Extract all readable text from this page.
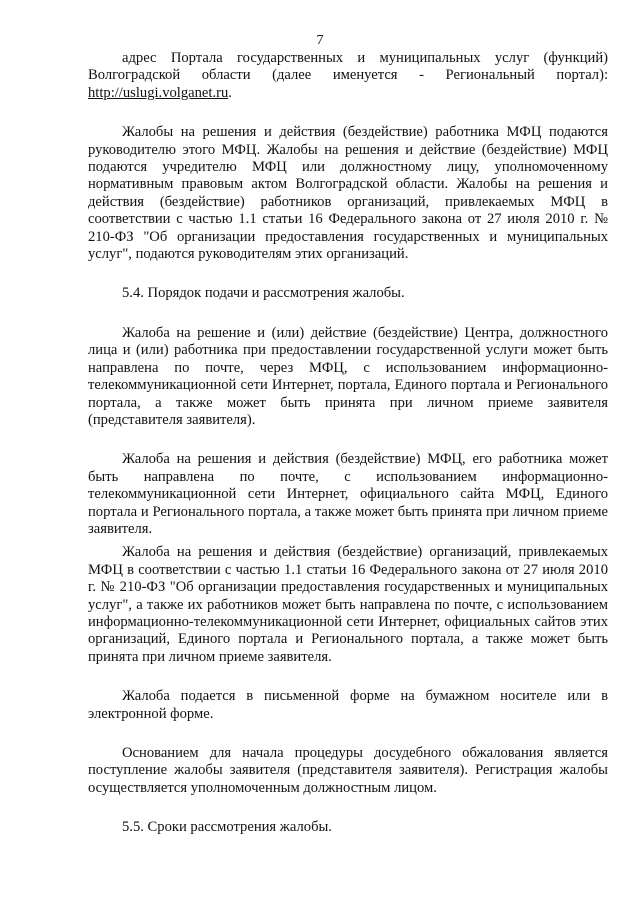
7

адрес Портала государственных и муниципальных услуг (функций) Волгоградской области (далее именуется - Региональный портал): http://uslugi.volganet.ru.

Жалобы на решения и действия (бездействие) работника МФЦ подаются руководителю этого МФЦ. Жалобы на решения и действие (бездействие) МФЦ подаются учредителю МФЦ или должностному лицу, уполномоченному нормативным правовым актом Волгоградской области. Жалобы на решения и действия (бездействие) работников организаций, привлекаемых МФЦ в соответствии с частью 1.1 статьи 16 Федерального закона от 27 июля 2010 г. № 210-ФЗ "Об организации предоставления государственных и муниципальных услуг", подаются руководителям этих организаций.

5.4. Порядок подачи и рассмотрения жалобы.

Жалоба на решение и (или) действие (бездействие) Центра, должностного лица и (или) работника при предоставлении государственной услуги может быть направлена по почте, через МФЦ, с использованием информационно-телекоммуникационной сети Интернет, портала, Единого портала и Регионального портала, а также может быть принята при личном приеме заявителя (представителя заявителя).

Жалоба на решения и действия (бездействие) МФЦ, его работника может быть направлена по почте, с использованием информационно-телекоммуникационной сети Интернет, официального сайта МФЦ, Единого портала и Регионального портала, а также может быть принята при личном приеме заявителя.

Жалоба на решения и действия (бездействие) организаций, привлекаемых МФЦ в соответствии с частью 1.1 статьи 16 Федерального закона от 27 июля 2010 г. № 210-ФЗ "Об организации предоставления государственных и муниципальных услуг", а также их работников может быть направлена по почте, с использованием информационно-телекоммуникационной сети Интернет, официальных сайтов этих организаций, Единого портала и Регионального портала, а также может быть принята при личном приеме заявителя.

Жалоба подается в письменной форме на бумажном носителе или в электронной форме.

Основанием для начала процедуры досудебного обжалования является поступление жалобы заявителя (представителя заявителя). Регистрация жалобы осуществляется уполномоченным должностным лицом.

5.5. Сроки рассмотрения жалобы.
